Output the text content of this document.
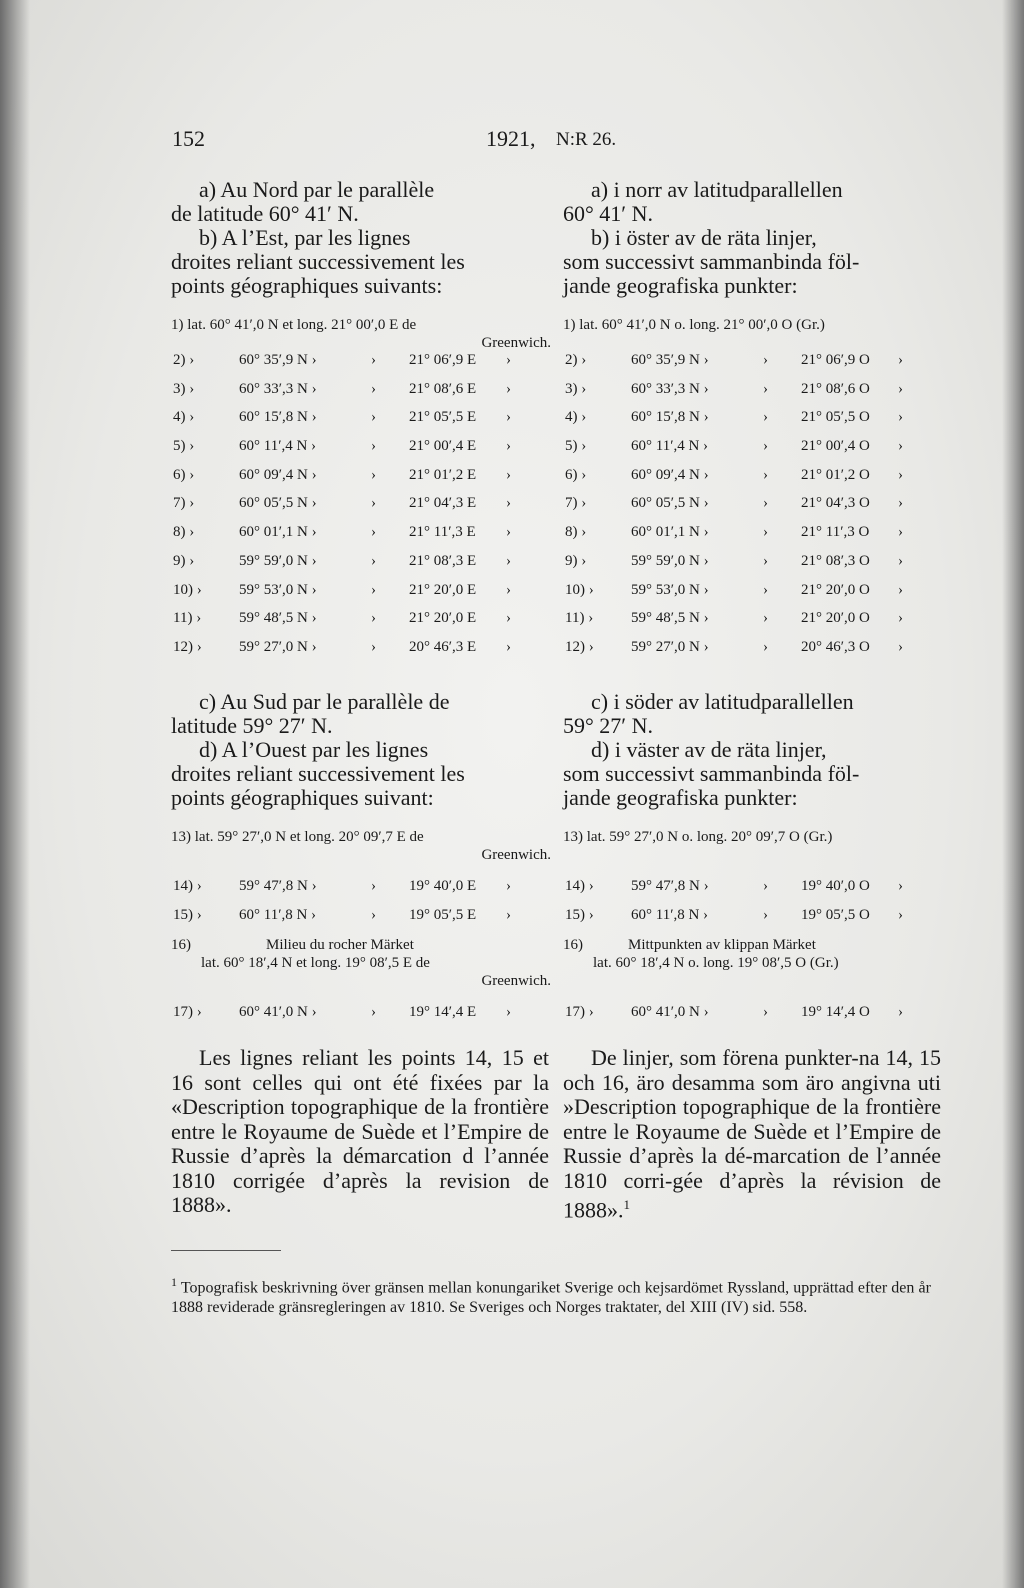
152	1921, N:R 26.

a) Au Nord par le parallèle

de latitude 60° 41′ N.

b) A l’Est, par les lignes

droites reliant successivement les

points géographiques suivants:

1) lat. 60° 41′,0 N et long. 21° 00′,0 E de
Greenwich.
2) ›	60° 35′,9 N ›	› 21° 06′,9 E ›
3) ›	60° 33′,3 N ›	› 21° 08′,6 E ›
4) ›	60° 15′,8 N ›	› 21° 05′,5 E ›
5) ›	60° 11′,4 N ›	› 21° 00′,4 E ›
6) ›	60° 09′,4 N ›	› 21° 01′,2 E ›
7) ›	60° 05′,5 N ›	› 21° 04′,3 E ›
8) ›	60° 01′,1 N ›	› 21° 11′,3 E ›
9) ›	59° 59′,0 N ›	› 21° 08′,3 E ›
10) › 59° 53′,0 N ›	› 21° 20′,0 E ›
11) ›	59° 48′,5 N ›	› 21° 20′,0 E ›
12) › 59° 27′,0 N ›	› 20° 46′,3 E ›

c) Au Sud par le parallèle de

latitude 59° 27′ N.

d) A l’Ouest par les lignes

droites reliant successivement les

points géographiques suivant:

13) lat. 59° 27′,0 N et long. 20° 09′,7 E de
Greenwich.
14) › 59° 47′,8 N ›	› 19° 40′,0 E ›
15) › 60° 11′,8 N ›	› 19° 05′,5 E ›
16)	Milieu du rocher Märket
lat. 60° 18′,4 N et long. 19° 08′,5 E de
Greenwich.
17) › 60° 41′,0 N ›	› 19° 14′,4 E ›

Les lignes reliant les points 14, 15 et 16 sont celles qui ont été fixées par la «Description topographique de la frontière entre le Royaume de Suède et l’Empire de Russie d’après la démarcation d l’année 1810 corrigée d’après la revision de 1888».

a) i norr av latitudparallellen

60° 41′ N.

b) i öster av de räta linjer,

som successivt sammanbinda föl-

jande geografiska punkter:

1) lat. 60° 41′,0 N o. long. 21° 00′,0 O (Gr.)
2) ›	60° 35′,9 N ›	› 21° 06′,9 O ›
3) ›	60° 33′,3 N ›	› 21° 08′,6 O ›
4) ›	60° 15′,8 N ›	› 21° 05′,5 O ›
5) ›	60° 11′,4 N ›	› 21° 00′,4 O ›
6) ›	60° 09′,4 N ›	› 21° 01′,2 O ›
7) ›	60° 05′,5 N ›	› 21° 04′,3 O ›
8) ›	60° 01′,1 N ›	› 21° 11′,3 O ›
9) ›	59° 59′,0 N ›	› 21° 08′,3 O ›
10) › 59° 53′,0 N ›	› 21° 20′,0 O ›
11) ›	59° 48′,5 N ›	› 21° 20′,0 O ›
12) › 59° 27′,0 N ›	› 20° 46′,3 O ›

c) i söder av latitudparallellen

59° 27′ N.

d) i väster av de räta linjer,

som successivt sammanbinda föl-

jande geografiska punkter:

13) lat. 59° 27′,0 N o. long. 20° 09′,7 O (Gr.)
14) › 59° 47′,8 N ›	› 19° 40′,0 O ›
15) › 60° 11′,8 N ›	› 19° 05′,5 O ›
16)	Mittpunkten av klippan Märket
lat. 60° 18′,4 N o. long. 19° 08′,5 O (Gr.)
17) › 60° 41′,0 N ›	› 19° 14′,4 O ›

De linjer, som förena punkter-na 14, 15 och 16, äro desamma som äro angivna uti »Description topographique de la frontière entre le Royaume de Suède et l’Empire de Russie d’après la dé-marcation de l’année 1810 corri-gée d’après la révision de 1888».$^1$

$^1$ Topografisk beskrivning över gränsen mellan konungariket Sverige och kejsardömet Ryssland, upprättad efter den år 1888 reviderade gränsregleringen av 1810. Se Sveriges och Norges traktater, del XIII (IV) sid. 558.
